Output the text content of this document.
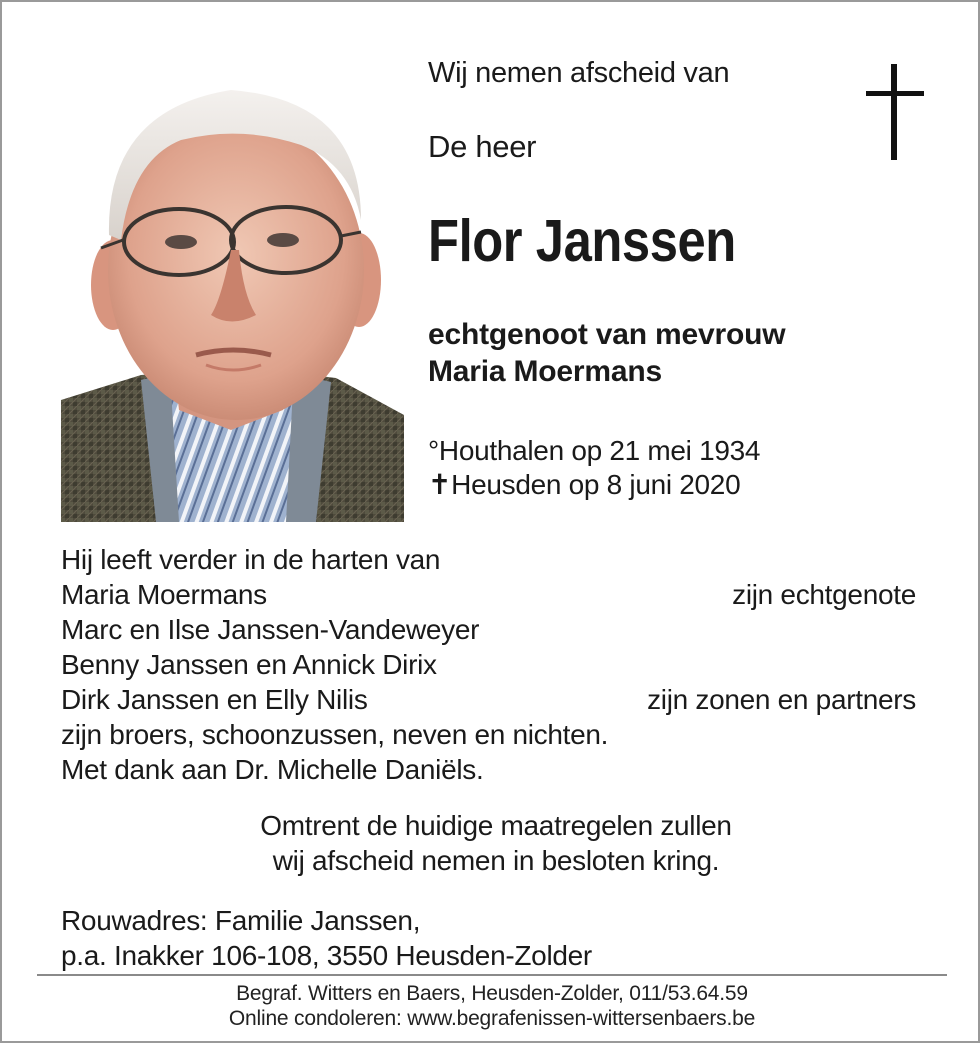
Wij nemen afscheid van
De heer
Flor Janssen
echtgenoot van mevrouw
Maria Moermans
°Houthalen op 21 mei 1934
✝Heusden op 8 juni 2020
Hij leeft verder in de harten van
Maria Moermans	zijn echtgenote
Marc en Ilse Janssen-Vandeweyer
Benny Janssen en Annick Dirix
Dirk Janssen en Elly Nilis	zijn zonen en partners
zijn broers, schoonzussen, neven en nichten.
Met dank aan Dr. Michelle Daniëls.
Omtrent de huidige maatregelen zullen
wij afscheid nemen in besloten kring.
Rouwadres: Familie Janssen,
p.a. Inakker 106-108, 3550 Heusden-Zolder
Begraf. Witters en Baers, Heusden-Zolder, 011/53.64.59
Online condoleren: www.begrafenissen-wittersenbaers.be
